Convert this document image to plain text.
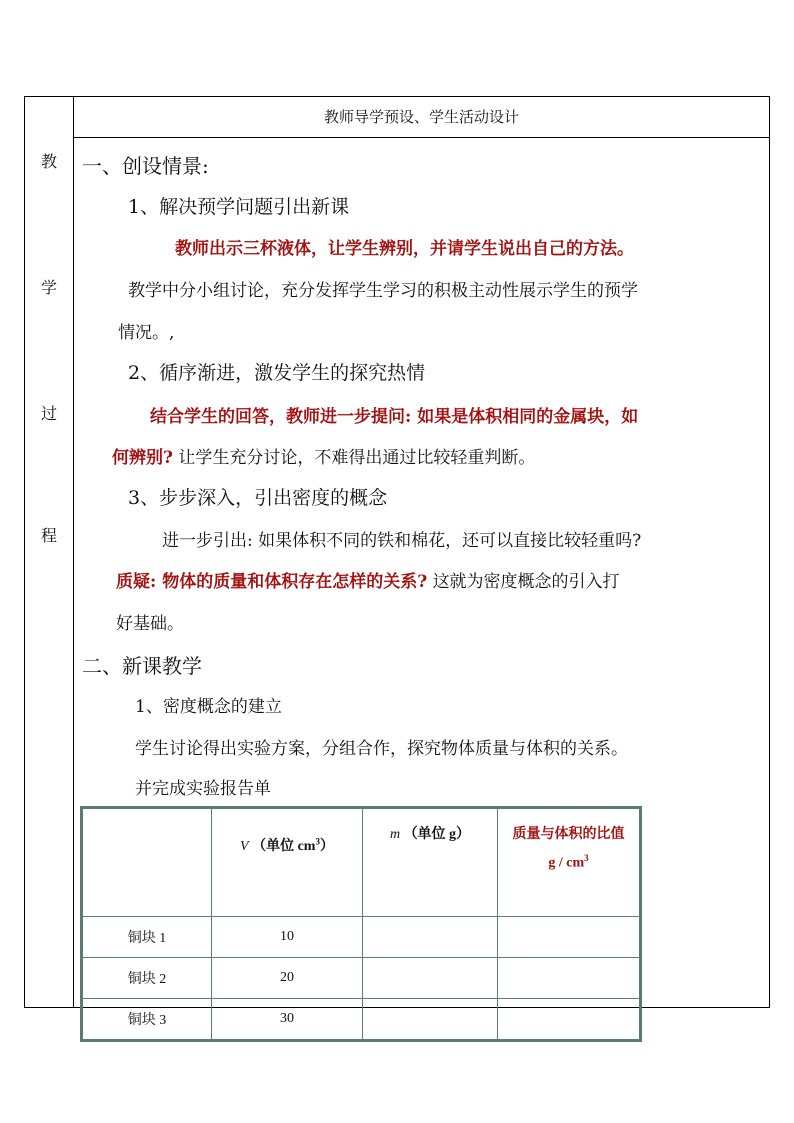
教师导学预设、学生活动设计
教
学
过
程
一、创设情景:
1、解决预学问题引出新课
教师出示三杯液体，让学生辨别，并请学生说出自己的方法。
教学中分小组讨论，充分发挥学生学习的积极主动性展示学生的预学
情况。,
2、循序渐进，激发学生的探究热情
结合学生的回答，教师进一步提问: 如果是体积相同的金属块，如
何辨别? 让学生充分讨论，不难得出通过比较轻重判断。
3、步步深入，引出密度的概念
进一步引出: 如果体积不同的铁和棉花，还可以直接比较轻重吗?
质疑: 物体的质量和体积存在怎样的关系? 这就为密度概念的引入打
好基础。
二、新课教学
1、密度概念的建立
学生讨论得出实验方案，分组合作，探究物体质量与体积的关系。
并完成实验报告单
	V （单位 $cm^3$）	m （单位 g）	质量与体积的比值
g / $cm^3$

铜块 1	10		
铜块 2	20		
铜块 3	30		
